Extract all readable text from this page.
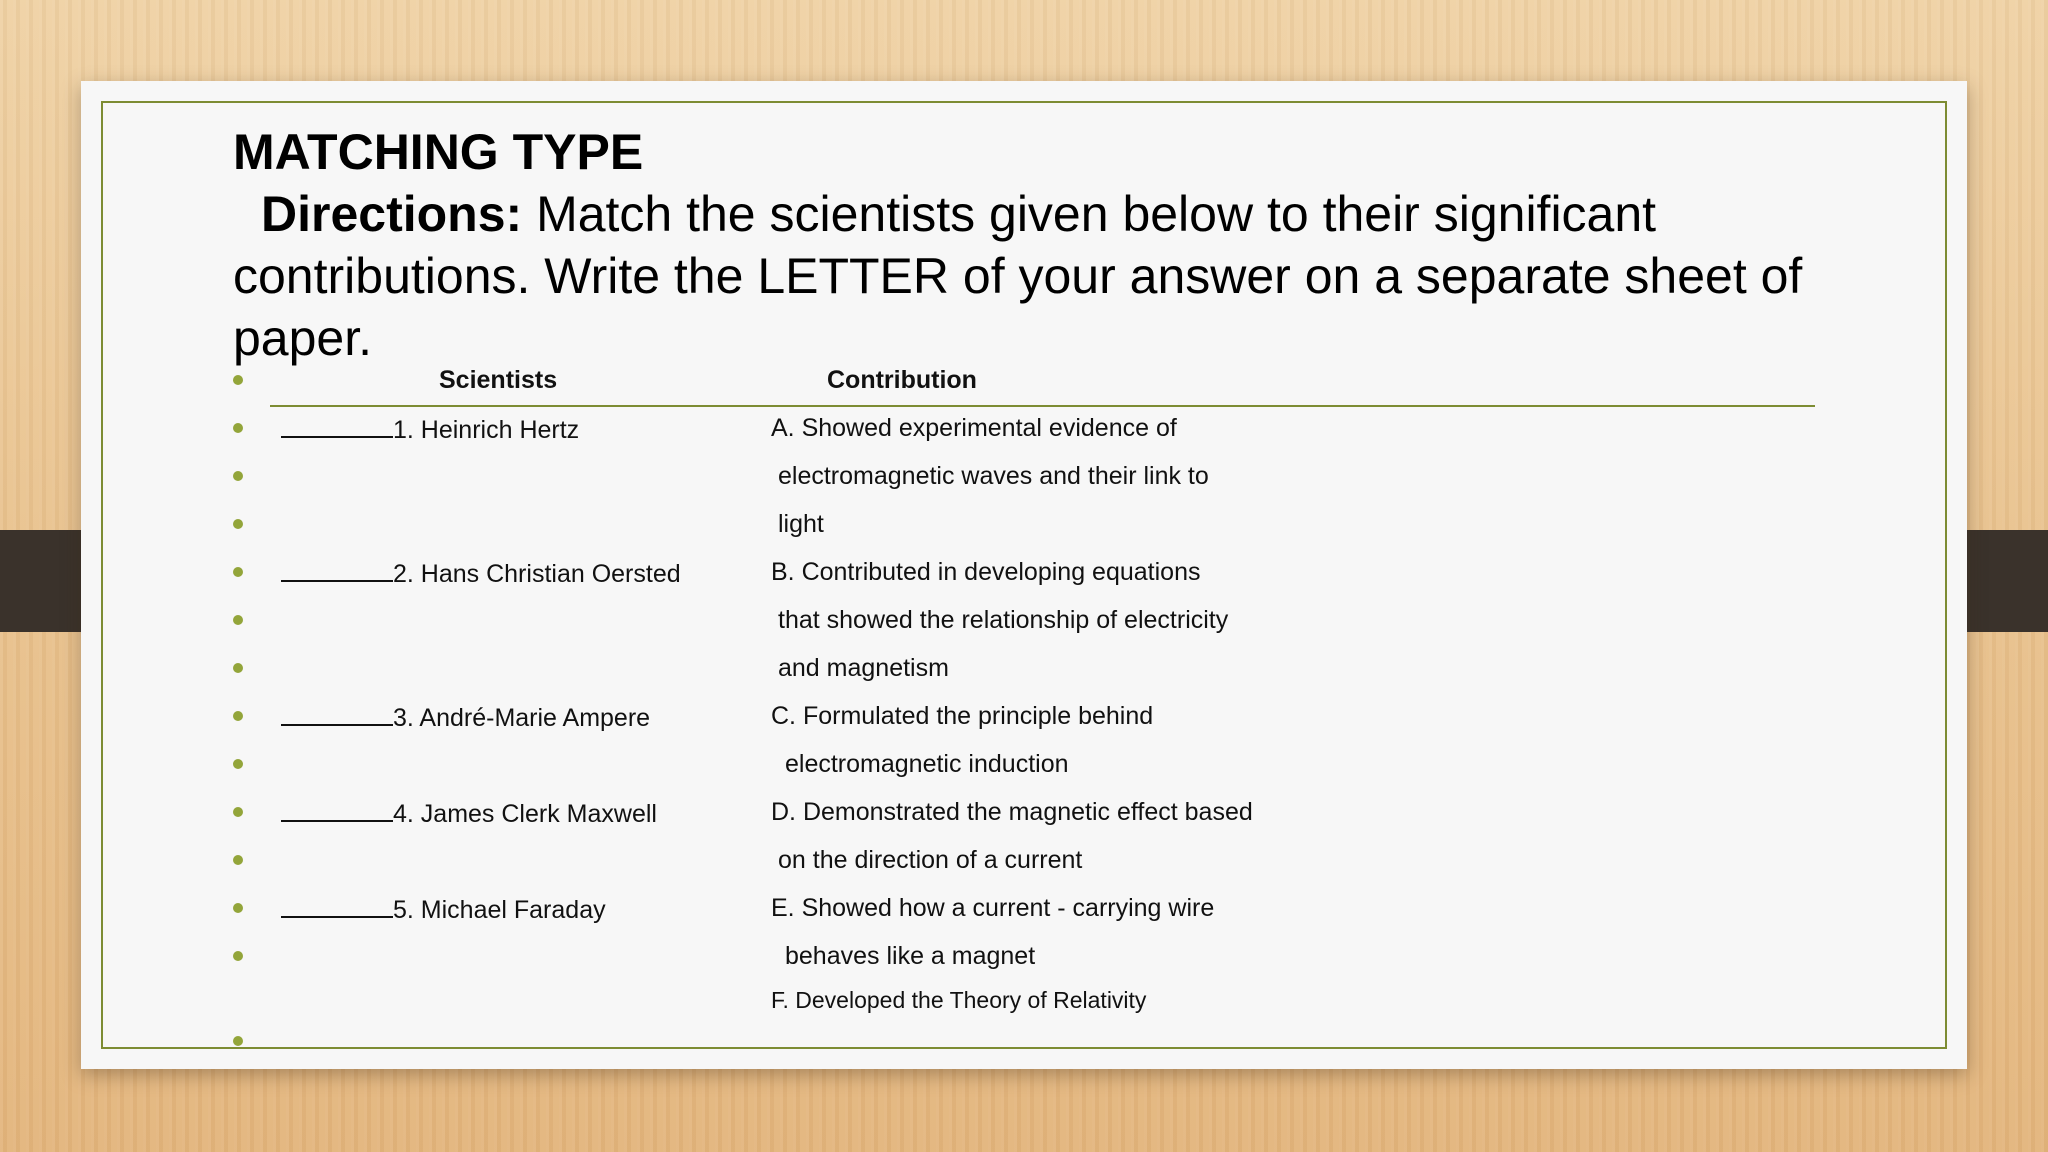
MATCHING TYPE

Directions: Match the scientists given below to their significant contributions. Write the LETTER of your answer on a separate sheet of paper.

Scientists	Contribution
1. Heinrich Hertz	A. Showed experimental evidence of
electromagnetic waves and their link to
light
2. Hans Christian Oersted	B. Contributed in developing equations
that showed the relationship of electricity
and magnetism
3. André-Marie Ampere	C. Formulated the principle behind
electromagnetic induction
4. James Clerk Maxwell	D. Demonstrated the magnetic effect based
on the direction of a current
5. Michael Faraday	E. Showed how a current - carrying wire
behaves like a magnet
F. Developed the Theory of Relativity
